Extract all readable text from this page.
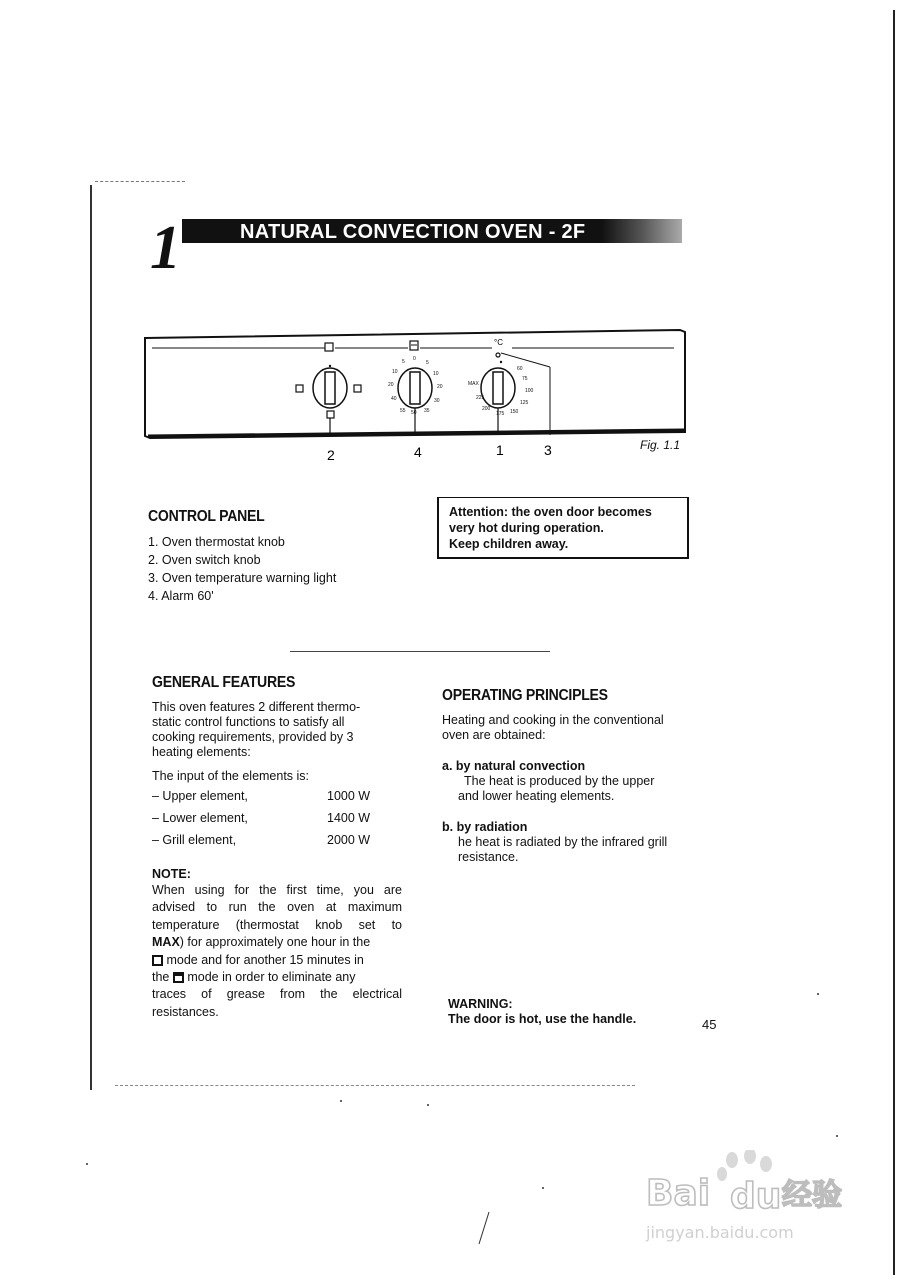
1	NATURAL CONVECTION OVEN - 2F
°C
5 0
5
10	10
20	20
40	30
55 50 35
60
75
100
125
150
175
200
225
MAX
2	4	1	3	Fig. 1.1
CONTROL PANEL
1. Oven thermostat knob
2. Oven switch knob
3. Oven temperature warning light
4. Alarm 60'
Attention: the oven door becomes
very hot during operation.
Keep children away.
GENERAL FEATURES

This oven features 2 different thermo-

static control functions to satisfy all

cooking requirements, provided by 3

heating elements:

The input of the elements is:

– Upper element,	1000 W
– Lower element,	1400 W
– Grill element,	2000 W

NOTE:

When using for the first time, you are
advised to run the oven at maximum
temperature (thermostat knob set to
MAX) for approximately one hour in the
mode and for another 15 minutes in
the mode in order to eliminate any
traces of grease from the electrical
resistances.
OPERATING PRINCIPLES

Heating and cooking in the conventional

oven are obtained:

a. by natural convection

The heat is produced by the upper

and lower heating elements.

b. by radiation

he heat is radiated by the infrared grill

resistance.

WARNING:

The door is hot, use the handle.	45
Bai du 经验
jingyan.baidu.com
